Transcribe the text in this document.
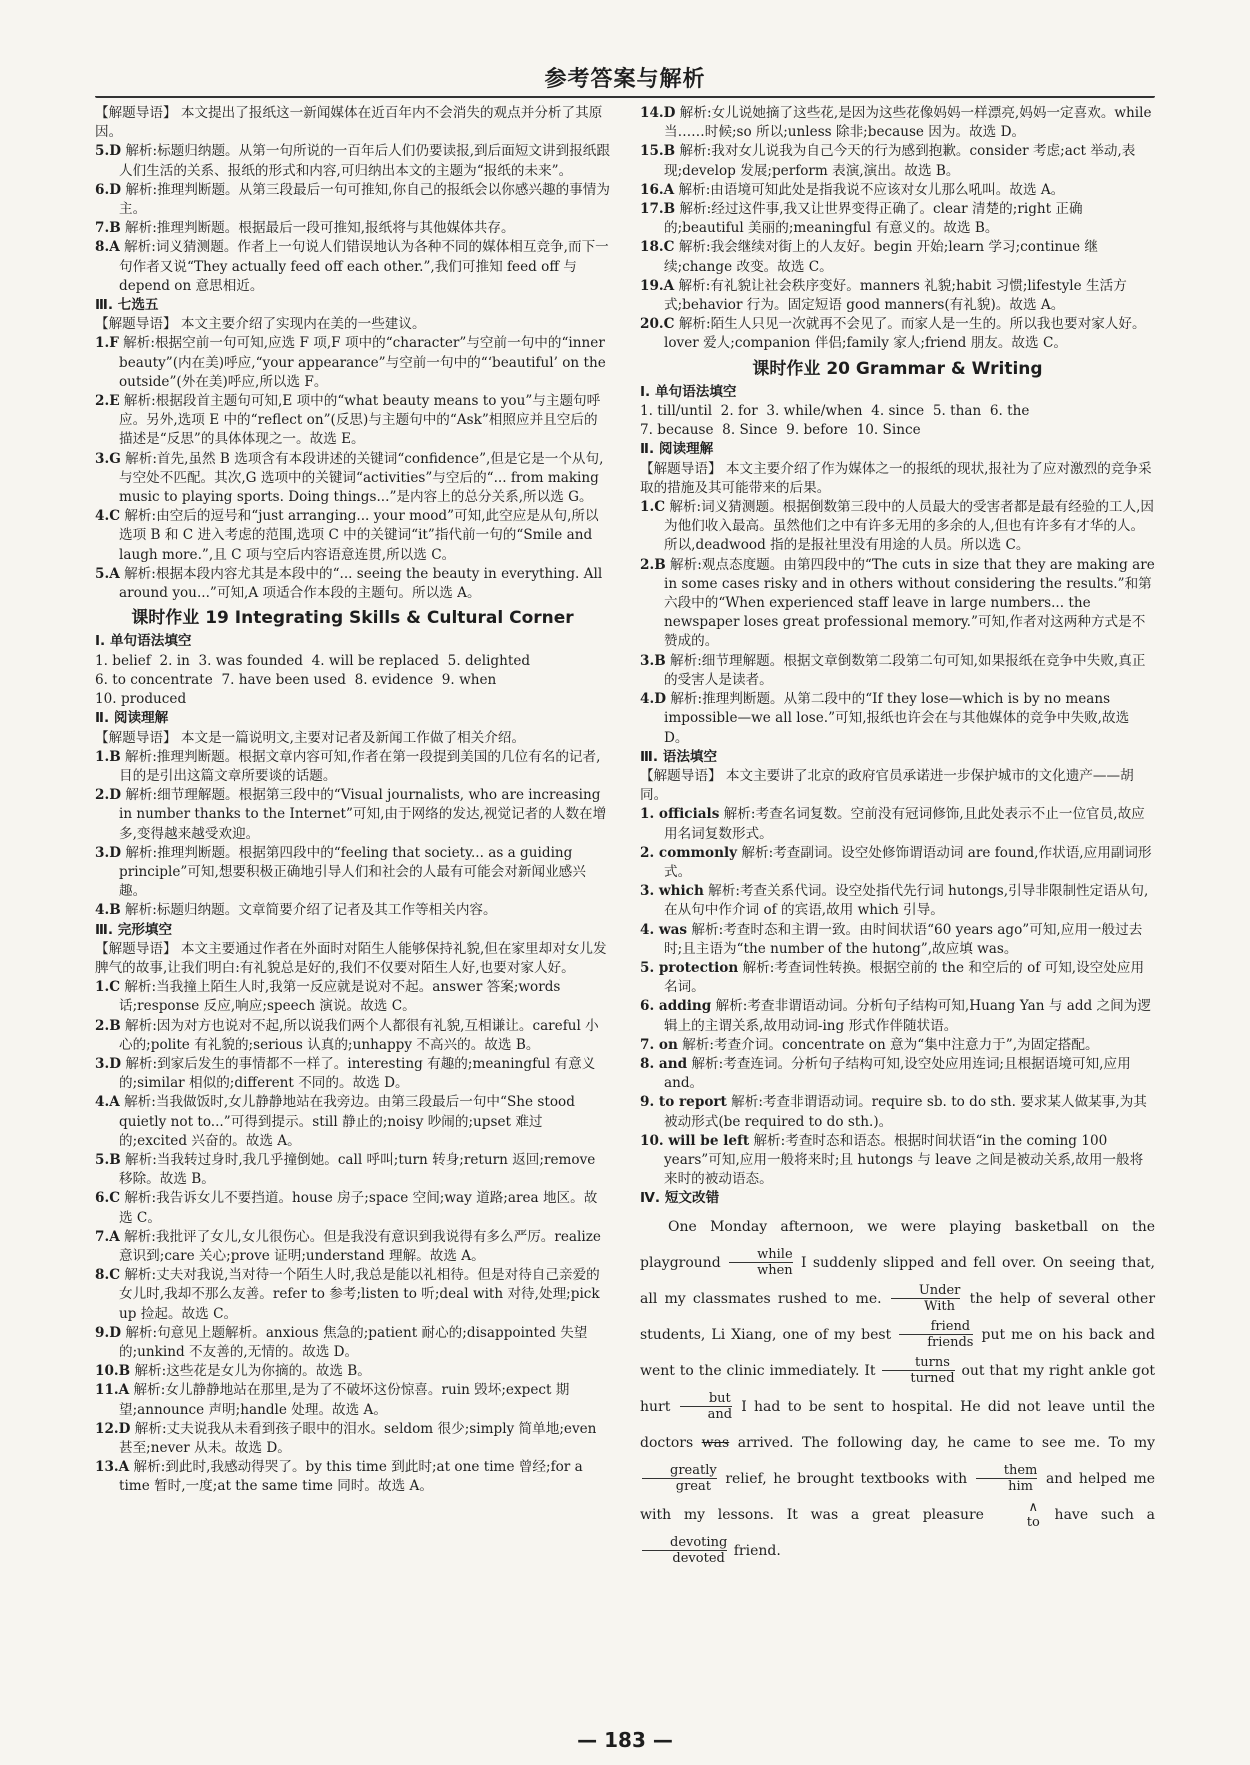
参考答案与解析

【解题导语】 本文提出了报纸这一新闻媒体在近百年内不会消失的观点并分析了其原因。

5.D 解析:标题归纳题。从第一句所说的一百年后人们仍要读报,到后面短文讲到报纸跟人们生活的关系、报纸的形式和内容,可归纳出本文的主题为“报纸的未来”。

6.D 解析:推理判断题。从第三段最后一句可推知,你自己的报纸会以你感兴趣的事情为主。

7.B 解析:推理判断题。根据最后一段可推知,报纸将与其他媒体共存。

8.A 解析:词义猜测题。作者上一句说人们错误地认为各种不同的媒体相互竞争,而下一句作者又说“They actually feed off each other.”,我们可推知 feed off 与 depend on 意思相近。

Ⅲ. 七选五

【解题导语】 本文主要介绍了实现内在美的一些建议。

1.F 解析:根据空前一句可知,应选 F 项,F 项中的“character”与空前一句中的“inner beauty”(内在美)呼应,“your appearance”与空前一句中的“‘beautiful’ on the outside”(外在美)呼应,所以选 F。

2.E 解析:根据段首主题句可知,E 项中的“what beauty means to you”与主题句呼应。另外,选项 E 中的“reflect on”(反思)与主题句中的“Ask”相照应并且空后的描述是“反思”的具体体现之一。故选 E。

3.G 解析:首先,虽然 B 选项含有本段讲述的关键词“confidence”,但是它是一个从句,与空处不匹配。其次,G 选项中的关键词“activities”与空后的“... from making music to playing sports. Doing things...”是内容上的总分关系,所以选 G。

4.C 解析:由空后的逗号和“just arranging... your mood”可知,此空应是从句,所以选项 B 和 C 进入考虑的范围,选项 C 中的关键词“it”指代前一句的“Smile and laugh more.”,且 C 项与空后内容语意连贯,所以选 C。

5.A 解析:根据本段内容尤其是本段中的“... seeing the beauty in everything. All around you...”可知,A 项适合作本段的主题句。所以选 A。

课时作业 19 Integrating Skills & Cultural Corner

Ⅰ. 单句语法填空

1. belief  2. in  3. was founded  4. will be replaced  5. delighted
6. to concentrate  7. have been used  8. evidence  9. when
10. produced

Ⅱ. 阅读理解

【解题导语】 本文是一篇说明文,主要对记者及新闻工作做了相关介绍。

1.B 解析:推理判断题。根据文章内容可知,作者在第一段提到美国的几位有名的记者,目的是引出这篇文章所要谈的话题。

2.D 解析:细节理解题。根据第三段中的“Visual journalists, who are increasing in number thanks to the Internet”可知,由于网络的发达,视觉记者的人数在增多,变得越来越受欢迎。

3.D 解析:推理判断题。根据第四段中的“feeling that society... as a guiding principle”可知,想要积极正确地引导人们和社会的人最有可能会对新闻业感兴趣。

4.B 解析:标题归纳题。文章简要介绍了记者及其工作等相关内容。

Ⅲ. 完形填空

【解题导语】 本文主要通过作者在外面时对陌生人能够保持礼貌,但在家里却对女儿发脾气的故事,让我们明白:有礼貌总是好的,我们不仅要对陌生人好,也要对家人好。

1.C 解析:当我撞上陌生人时,我第一反应就是说对不起。answer 答案;words 话;response 反应,响应;speech 演说。故选 C。

2.B 解析:因为对方也说对不起,所以说我们两个人都很有礼貌,互相谦让。careful 小心的;polite 有礼貌的;serious 认真的;unhappy 不高兴的。故选 B。

3.D 解析:到家后发生的事情都不一样了。interesting 有趣的;meaningful 有意义的;similar 相似的;different 不同的。故选 D。

4.A 解析:当我做饭时,女儿静静地站在我旁边。由第三段最后一句中“She stood quietly not to...”可得到提示。still 静止的;noisy 吵闹的;upset 难过的;excited 兴奋的。故选 A。

5.B 解析:当我转过身时,我几乎撞倒她。call 呼叫;turn 转身;return 返回;remove 移除。故选 B。

6.C 解析:我告诉女儿不要挡道。house 房子;space 空间;way 道路;area 地区。故选 C。

7.A 解析:我批评了女儿,女儿很伤心。但是我没有意识到我说得有多么严厉。realize 意识到;care 关心;prove 证明;understand 理解。故选 A。

8.C 解析:丈夫对我说,当对待一个陌生人时,我总是能以礼相待。但是对待自己亲爱的女儿时,我却不那么友善。refer to 参考;listen to 听;deal with 对待,处理;pick up 捡起。故选 C。

9.D 解析:句意见上题解析。anxious 焦急的;patient 耐心的;disappointed 失望的;unkind 不友善的,无情的。故选 D。

10.B 解析:这些花是女儿为你摘的。故选 B。

11.A 解析:女儿静静地站在那里,是为了不破坏这份惊喜。ruin 毁坏;expect 期望;announce 声明;handle 处理。故选 A。

12.D 解析:丈夫说我从未看到孩子眼中的泪水。seldom 很少;simply 简单地;even 甚至;never 从未。故选 D。

13.A 解析:到此时,我感动得哭了。by this time 到此时;at one time 曾经;for a time 暂时,一度;at the same time 同时。故选 A。

14.D 解析:女儿说她摘了这些花,是因为这些花像妈妈一样漂亮,妈妈一定喜欢。while 当……时候;so 所以;unless 除非;because 因为。故选 D。

15.B 解析:我对女儿说我为自己今天的行为感到抱歉。consider 考虑;act 举动,表现;develop 发展;perform 表演,演出。故选 B。

16.A 解析:由语境可知此处是指我说不应该对女儿那么吼叫。故选 A。

17.B 解析:经过这件事,我又让世界变得正确了。clear 清楚的;right 正确的;beautiful 美丽的;meaningful 有意义的。故选 B。

18.C 解析:我会继续对街上的人友好。begin 开始;learn 学习;continue 继续;change 改变。故选 C。

19.A 解析:有礼貌让社会秩序变好。manners 礼貌;habit 习惯;lifestyle 生活方式;behavior 行为。固定短语 good manners(有礼貌)。故选 A。

20.C 解析:陌生人只见一次就再不会见了。而家人是一生的。所以我也要对家人好。lover 爱人;companion 伴侣;family 家人;friend 朋友。故选 C。

课时作业 20 Grammar & Writing

Ⅰ. 单句语法填空

1. till/until  2. for  3. while/when  4. since  5. than  6. the
7. because  8. Since  9. before  10. Since

Ⅱ. 阅读理解

【解题导语】 本文主要介绍了作为媒体之一的报纸的现状,报社为了应对激烈的竞争采取的措施及其可能带来的后果。

1.C 解析:词义猜测题。根据倒数第三段中的人员最大的受害者都是最有经验的工人,因为他们收入最高。虽然他们之中有许多无用的多余的人,但也有许多有才华的人。所以,deadwood 指的是报社里没有用途的人员。所以选 C。

2.B 解析:观点态度题。由第四段中的“The cuts in size that they are making are in some cases risky and in others without considering the results.”和第六段中的“When experienced staff leave in large numbers... the newspaper loses great professional memory.”可知,作者对这两种方式是不赞成的。

3.B 解析:细节理解题。根据文章倒数第二段第二句可知,如果报纸在竞争中失败,真正的受害人是读者。

4.D 解析:推理判断题。从第二段中的“If they lose—which is by no means impossible—we all lose.”可知,报纸也许会在与其他媒体的竞争中失败,故选 D。

Ⅲ. 语法填空

【解题导语】 本文主要讲了北京的政府官员承诺进一步保护城市的文化遗产——胡同。

1. officials 解析:考查名词复数。空前没有冠词修饰,且此处表示不止一位官员,故应用名词复数形式。

2. commonly 解析:考查副词。设空处修饰谓语动词 are found,作状语,应用副词形式。

3. which 解析:考查关系代词。设空处指代先行词 hutongs,引导非限制性定语从句,在从句中作介词 of 的宾语,故用 which 引导。

4. was 解析:考查时态和主谓一致。由时间状语“60 years ago”可知,应用一般过去时;且主语为“the number of the hutong”,故应填 was。

5. protection 解析:考查词性转换。根据空前的 the 和空后的 of 可知,设空处应用名词。

6. adding 解析:考查非谓语动词。分析句子结构可知,Huang Yan 与 add 之间为逻辑上的主谓关系,故用动词-ing 形式作伴随状语。

7. on 解析:考查介词。concentrate on 意为“集中注意力于”,为固定搭配。

8. and 解析:考查连词。分析句子结构可知,设空处应用连词;且根据语境可知,应用 and。

9. to report 解析:考查非谓语动词。require sb. to do sth. 要求某人做某事,为其被动形式(be required to do sth.)。

10. will be left 解析:考查时态和语态。根据时间状语“in the coming 100 years”可知,应用一般将来时;且 hutongs 与 leave 之间是被动关系,故用一般将来时的被动语态。

Ⅳ. 短文改错

One Monday afternoon, we were playing basketball on the playground	while
when I suddenly slipped and fell over. On seeing that, all my classmates rushed to me.	Under
With	the help of several other students, Li Xiang, one of my best	friend
friends put me on his back and went to the clinic immediately. It	turns
turned out that my right ankle got hurt	but
and I had to be sent to hospital. He did not leave until the doctors was arrived. The following day, he came to see me. To my
greatly
great	relief, he brought textbooks with	them
him and helped me with my lessons. It was a great pleasure	∧
to have such a
devoting
devoted friend.
— 183 —
